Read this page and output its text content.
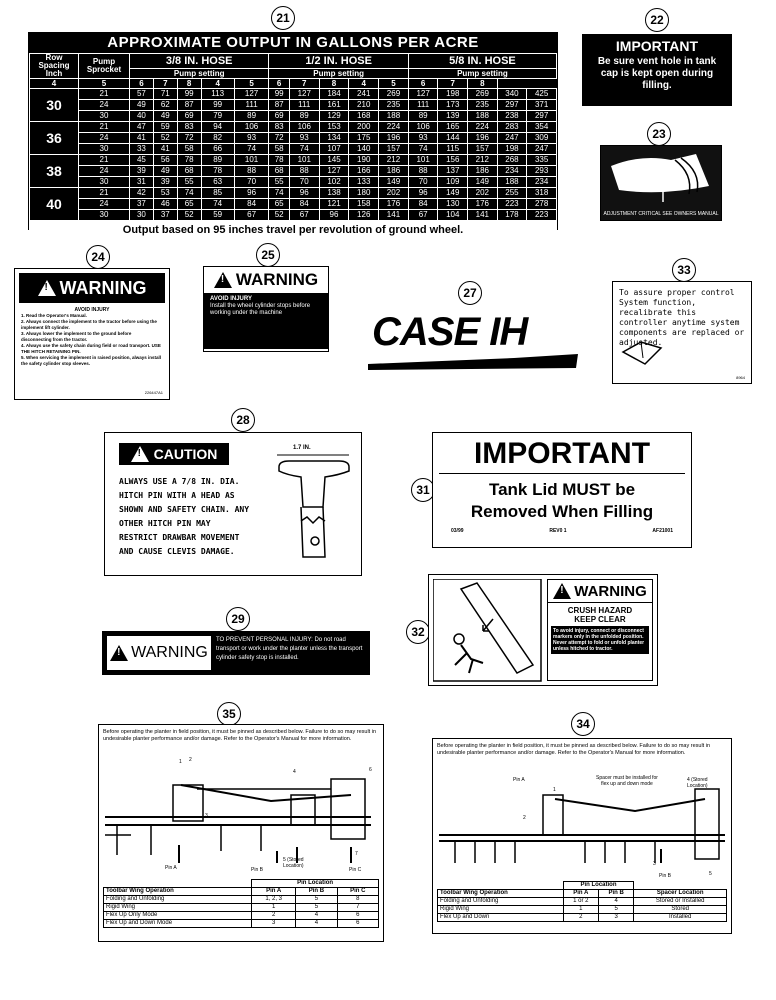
21	22
23
24	25
27
33
28
31
29
32
35
34
APPROXIMATE OUTPUT IN GALLONS PER ACRE
Row Spacing Inch	Pump Sprocket	3/8 IN. HOSE					1/2 IN. HOSE					5/8 IN. HOSE				
		Pump setting					Pump setting					Pump setting				
4	5	6	7	8	4	5	6	7	8	4	5	6	7	8		
30	21	57	71	99	113	127	99	127	184	241	269	127	198	269	340	425
	24	49	62	87	99	111	87	111	161	210	235	111	173	235	297	371
	30	40	49	69	79	89	69	89	129	168	188	89	139	188	238	297
36	21	47	59	83	94	106	83	106	153	200	224	106	165	224	283	354
	24	41	52	72	82	93	72	93	134	175	196	93	144	196	247	309
	30	33	41	58	66	74	58	74	107	140	157	74	115	157	198	247
38	21	45	56	78	89	101	78	101	145	190	212	101	156	212	268	335
	24	39	49	68	78	88	68	88	127	166	186	88	137	186	234	293
	30	31	39	55	63	70	55	70	102	133	149	70	109	149	188	234
40	21	42	53	74	85	96	74	96	138	180	202	96	149	202	255	318
	24	37	46	65	74	84	65	84	121	158	176	84	130	176	223	278
	30	30	37	52	59	67	52	67	96	126	141	67	104	141	178	223
Output based on 95 inches travel per revolution of ground wheel.
IMPORTANT
Be sure vent hole in tank cap is kept open during filling.
ADJUSTMENT CRITICAL SEE OWNERS MANUAL
!
WARNING
AVOID INJURY
1. Read the Operator's Manual.
2. Always connect the implement to the tractor before using the implement lift cylinder.
3. Always lower the implement to the ground before disconnecting from the tractor.
4. Always use the safety chain during field or road transport. USE THE HITCH RETAINING PIN.
5. When servicing the implement in raised position, always install the safety cylinder stop sleeves.
226447A1
!
WARNING
AVOID INJURY
Install the wheel cylinder stops before working under the machine	CASE IH
To assure proper control System function, recalibrate this controller anytime system components are replaced or adjusted.
8964
!
CAUTION
ALWAYS USE A 7/8 IN. DIA. HITCH PIN WITH A HEAD AS SHOWN AND SAFETY CHAIN. ANY OTHER HITCH PIN MAY RESTRICT DRAWBAR MOVEMENT AND CAUSE CLEVIS DAMAGE.
1.7 IN.	IMPORTANT
Tank Lid MUST be
Removed When Filling
03/99	REV0 1	AF21001
!
WARNING
TO PREVENT PERSONAL INJURY: Do not road transport or work under the planter unless the transport cylinder safety stop is installed.
!
WARNING
CRUSH HAZARD
KEEP CLEAR
To avoid injury, connect or disconnect markers only in the unfolded position. Never attempt to fold or unfold planter unless hitched to tractor.
Before operating the planter in field position, it must be pinned as described below. Failure to do so may result in undesirable planter performance and/or damage. Refer to the Operator's Manual for more information.
2
1
3
4	6
7
Pin A	Pin B
5 (Stored Location)
Pin C
	Pin Location		
Toolbar Wing Operation	Pin A	Pin B	Pin C
Folding and Unfolding	1, 2, 3	5	8
Rigid Wing	1	5	7
Flex Up Only Mode	2	4	6
Flex Up and Down Mode	3	4	6
Before operating the planter in field position, it must be pinned as described below. Failure to do so may result in undesirable planter performance and/or damage. Refer to the Operator's Manual for more information.
Pin A	Spacer must be installed for flex up and down mode
4 (Stored Location)
1
2
3
5
Pin B
	Pin Location		
Toolbar Wing Operation	Pin A	Pin B	Spacer Location
Folding and Unfolding	1 or 2	4	Stored or Installed
Rigid Wing	1	5	Stored
Flex Up and Down	2	3	Installed
